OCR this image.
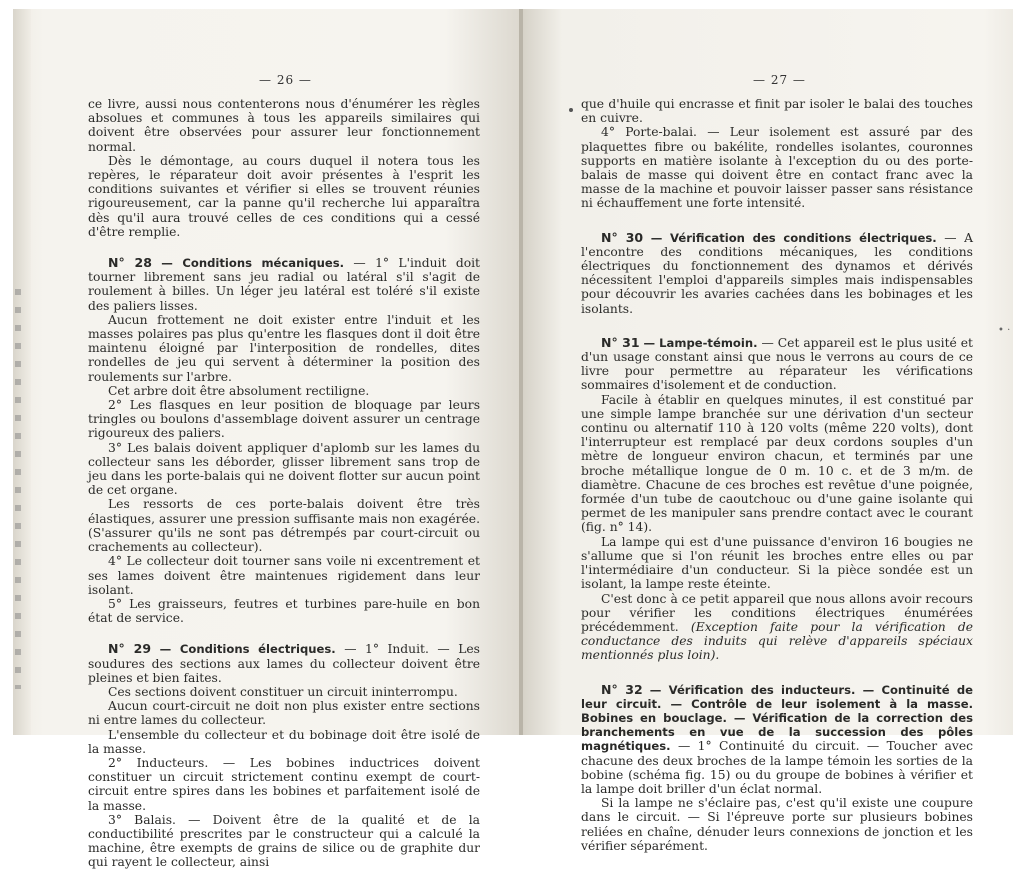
— 26 —

ce livre, aussi nous contenterons nous d'énumérer les règles absolues et communes à tous les appareils similaires qui doivent être observées pour assurer leur fonctionnement normal.

Dès le démontage, au cours duquel il notera tous les repères, le réparateur doit avoir présentes à l'esprit les conditions suivantes et vérifier si elles se trouvent réunies rigoureusement, car la panne qu'il recherche lui apparaîtra dès qu'il aura trouvé celles de ces conditions qui a cessé d'être remplie.

N° 28 — Conditions mécaniques. — 1° L'induit doit tourner librement sans jeu radial ou latéral s'il s'agit de roulement à billes. Un léger jeu latéral est toléré s'il existe des paliers lisses.

Aucun frottement ne doit exister entre l'induit et les masses polaires pas plus qu'entre les flasques dont il doit être maintenu éloigné par l'interposition de rondelles, dites rondelles de jeu qui servent à déterminer la position des roulements sur l'arbre.

Cet arbre doit être absolument rectiligne.

2° Les flasques en leur position de bloquage par leurs tringles ou boulons d'assemblage doivent assurer un centrage rigoureux des paliers.

3° Les balais doivent appliquer d'aplomb sur les lames du collecteur sans les déborder, glisser librement sans trop de jeu dans les porte-balais qui ne doivent flotter sur aucun point de cet organe.

Les ressorts de ces porte-balais doivent être très élastiques, assurer une pression suffisante mais non exagérée. (S'assurer qu'ils ne sont pas détrempés par court-circuit ou crachements au collecteur).

4° Le collecteur doit tourner sans voile ni excentrement et ses lames doivent être maintenues rigidement dans leur isolant.

5° Les graisseurs, feutres et turbines pare-huile en bon état de service.

N° 29 — Conditions électriques. — 1° Induit. — Les soudures des sections aux lames du collecteur doivent être pleines et bien faites.

Ces sections doivent constituer un circuit ininterrompu.

Aucun court-circuit ne doit non plus exister entre sections ni entre lames du collecteur.

L'ensemble du collecteur et du bobinage doit être isolé de la masse.

2° Inducteurs. — Les bobines inductrices doivent constituer un circuit strictement continu exempt de court-circuit entre spires dans les bobines et parfaitement isolé de la masse.

3° Balais. — Doivent être de la qualité et de la conductibilité prescrites par le constructeur qui a calculé la machine, être exempts de grains de silice ou de graphite dur qui rayent le collecteur, ainsi

— 27 —

que d'huile qui encrasse et finit par isoler le balai des touches en cuivre.

4° Porte-balai. — Leur isolement est assuré par des plaquettes fibre ou bakélite, rondelles isolantes, couronnes supports en matière isolante à l'exception du ou des porte-balais de masse qui doivent être en contact franc avec la masse de la machine et pouvoir laisser passer sans résistance ni échauffement une forte intensité.

N° 30 — Vérification des conditions électriques. — A l'encontre des conditions mécaniques, les conditions électriques du fonctionnement des dynamos et dérivés nécessitent l'emploi d'appareils simples mais indispensables pour découvrir les avaries cachées dans les bobinages et les isolants.

N° 31 — Lampe-témoin. — Cet appareil est le plus usité et d'un usage constant ainsi que nous le verrons au cours de ce livre pour permettre au réparateur les vérifications sommaires d'isolement et de conduction.

Facile à établir en quelques minutes, il est constitué par une simple lampe branchée sur une dérivation d'un secteur continu ou alternatif 110 à 120 volts (même 220 volts), dont l'interrupteur est remplacé par deux cordons souples d'un mètre de longueur environ chacun, et terminés par une broche métallique longue de 0 m. 10 c. et de 3 m/m. de diamètre. Chacune de ces broches est revêtue d'une poignée, formée d'un tube de caoutchouc ou d'une gaine isolante qui permet de les manipuler sans prendre contact avec le courant (fig. n° 14).

La lampe qui est d'une puissance d'environ 16 bougies ne s'allume que si l'on réunit les broches entre elles ou par l'intermédiaire d'un conducteur. Si la pièce sondée est un isolant, la lampe reste éteinte.

C'est donc à ce petit appareil que nous allons avoir recours pour vérifier les conditions électriques énumérées précédemment. (Exception faite pour la vérification de conductance des induits qui relève d'appareils spéciaux mentionnés plus loin).

N° 32 — Vérification des inducteurs. — Continuité de leur circuit. — Contrôle de leur isolement à la masse. Bobines en bouclage. — Vérification de la correction des branchements en vue de la succession des pôles magnétiques. — 1° Continuité du circuit. — Toucher avec chacune des deux broches de la lampe témoin les sorties de la bobine (schéma fig. 15) ou du groupe de bobines à vérifier et la lampe doit briller d'un éclat normal.

Si la lampe ne s'éclaire pas, c'est qu'il existe une coupure dans le circuit. — Si l'épreuve porte sur plusieurs bobines reliées en chaîne, dénuder leurs connexions de jonction et les vérifier séparément.

• ·
